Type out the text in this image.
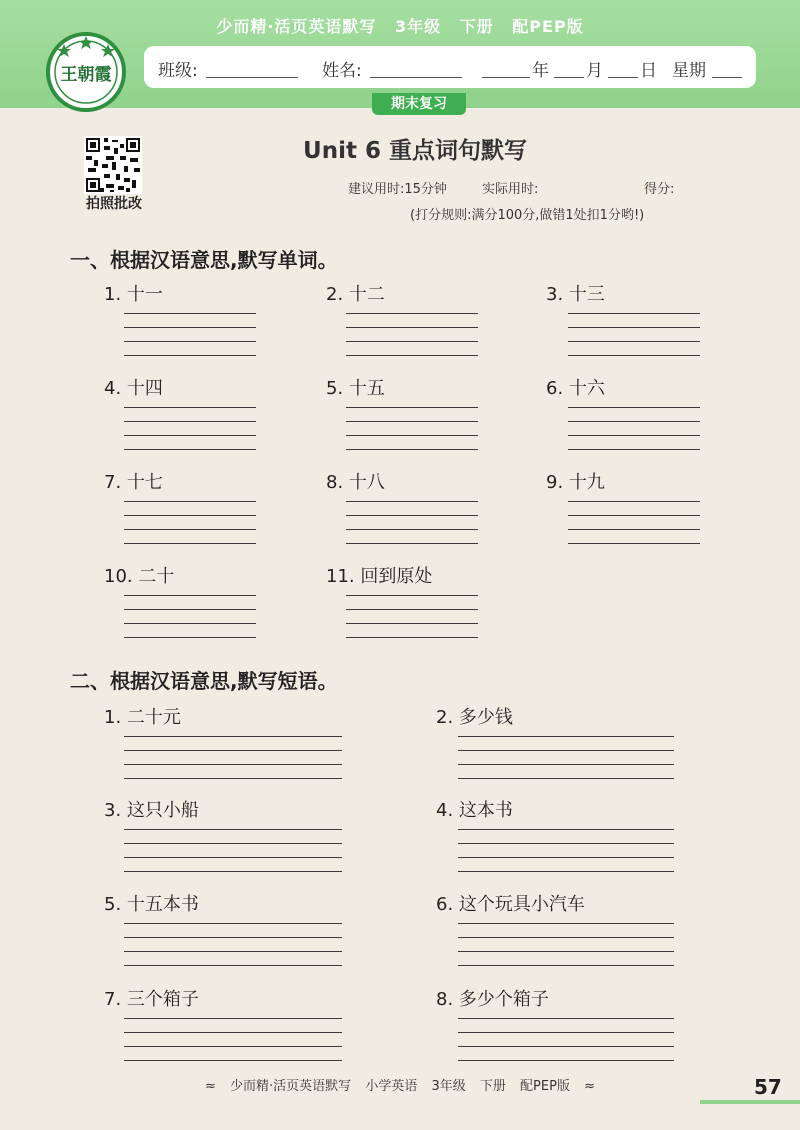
少而精·活页英语默写 3年级 下册 配PEP版
王朝霞	班级:	姓名:	年 月 日 星期
期末复习
拍照批改
Unit 6 重点词句默写
建议用时:15分钟	实际用时:	得分:
(打分规则:满分100分,做错1处扣1分哟!)
一、根据汉语意思,默写单词。
1. 十一	2. 十二	3. 十三
4. 十四	5. 十五	6. 十六
7. 十七	8. 十八	9. 十九
10. 二十	11. 回到原处
二、根据汉语意思,默写短语。
1. 二十元	2. 多少钱
3. 这只小船	4. 这本书
5. 十五本书	6. 这个玩具小汽车
7. 三个箱子	8. 多少个箱子
≈ 少而精·活页英语默写 小学英语 3年级 下册 配PEP版 ≈	57
